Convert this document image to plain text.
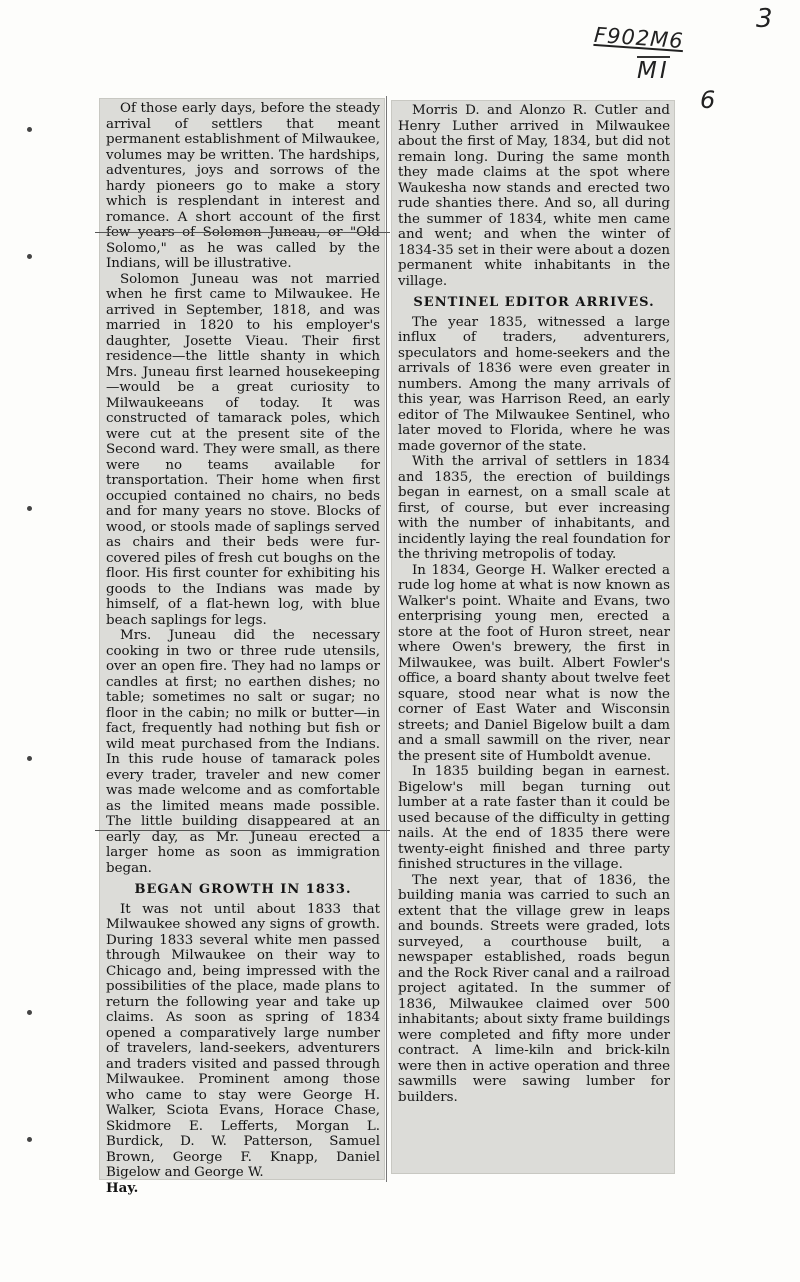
F902M6
MI
3
6

Of those early days, before the steady arrival of settlers that meant permanent establishment of Milwaukee, volumes may be written. The hardships, adventures, joys and sorrows of the hardy pioneers go to make a story which is resplendant in interest and romance. A short account of the first few years of Solomon Juneau, or "Old Solomo," as he was called by the Indians, will be illustrative.

Solomon Juneau was not married when he first came to Milwaukee. He arrived in September, 1818, and was married in 1820 to his employer's daughter, Josette Vieau. Their first residence—the little shanty in which Mrs. Juneau first learned housekeeping—would be a great curiosity to Milwaukeeans of today. It was constructed of tamarack poles, which were cut at the present site of the Second ward. They were small, as there were no teams available for transportation. Their home when first occupied contained no chairs, no beds and for many years no stove. Blocks of wood, or stools made of saplings served as chairs and their beds were fur-covered piles of fresh cut boughs on the floor. His first counter for exhibiting his goods to the Indians was made by himself, of a flat-hewn log, with blue beach saplings for legs.

Mrs. Juneau did the necessary cooking in two or three rude utensils, over an open fire. They had no lamps or candles at first; no earthen dishes; no table; sometimes no salt or sugar; no floor in the cabin; no milk or butter—in fact, frequently had nothing but fish or wild meat purchased from the Indians. In this rude house of tamarack poles every trader, traveler and new comer was made welcome and as comfortable as the limited means made possible. The little building disappeared at an early day, as Mr. Juneau erected a larger home as soon as immigration began.

BEGAN GROWTH IN 1833.

It was not until about 1833 that Milwaukee showed any signs of growth. During 1833 several white men passed through Milwaukee on their way to Chicago and, being impressed with the possibilities of the place, made plans to return the following year and take up claims. As soon as spring of 1834 opened a comparatively large number of travelers, land-seekers, adventurers and traders visited and passed through Milwaukee. Prominent among those who came to stay were George H. Walker, Sciota Evans, Horace Chase, Skidmore E. Lefferts, Morgan L. Burdick, D. W. Patterson, Samuel Brown, George F. Knapp, Daniel Bigelow and George W.

Hay.

Morris D. and Alonzo R. Cutler and Henry Luther arrived in Milwaukee about the first of May, 1834, but did not remain long. During the same month they made claims at the spot where Waukesha now stands and erected two rude shanties there. And so, all during the summer of 1834, white men came and went; and when the winter of 1834-35 set in their were about a dozen permanent white inhabitants in the village.

SENTINEL EDITOR ARRIVES.

The year 1835, witnessed a large influx of traders, adventurers, speculators and home-seekers and the arrivals of 1836 were even greater in numbers. Among the many arrivals of this year, was Harrison Reed, an early editor of The Milwaukee Sentinel, who later moved to Florida, where he was made governor of the state.

With the arrival of settlers in 1834 and 1835, the erection of buildings began in earnest, on a small scale at first, of course, but ever increasing with the number of inhabitants, and incidently laying the real foundation for the thriving metropolis of today.

In 1834, George H. Walker erected a rude log home at what is now known as Walker's point. Whaite and Evans, two enterprising young men, erected a store at the foot of Huron street, near where Owen's brewery, the first in Milwaukee, was built. Albert Fowler's office, a board shanty about twelve feet square, stood near what is now the corner of East Water and Wisconsin streets; and Daniel Bigelow built a dam and a small sawmill on the river, near the present site of Humboldt avenue.

In 1835 building began in earnest. Bigelow's mill began turning out lumber at a rate faster than it could be used because of the difficulty in getting nails. At the end of 1835 there were twenty-eight finished and three party finished structures in the village.

The next year, that of 1836, the building mania was carried to such an extent that the village grew in leaps and bounds. Streets were graded, lots surveyed, a courthouse built, a newspaper established, roads begun and the Rock River canal and a railroad project agitated. In the summer of 1836, Milwaukee claimed over 500 inhabitants; about sixty frame buildings were completed and fifty more under contract. A lime-kiln and brick-kiln were then in active operation and three sawmills were sawing lumber for builders.
